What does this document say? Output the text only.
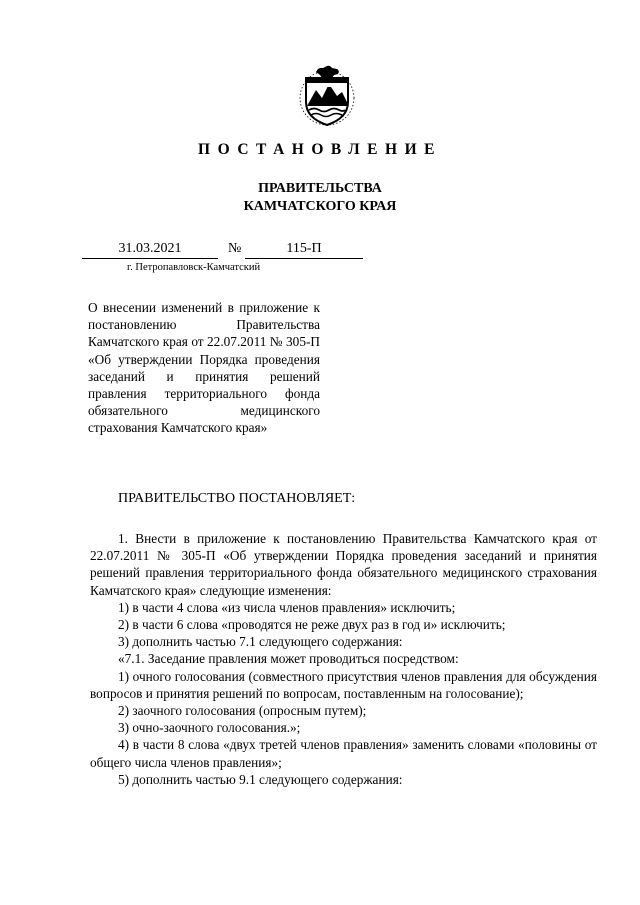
ПОСТАНОВЛЕНИЕ
ПРАВИТЕЛЬСТВА
КАМЧАТСКОГО КРАЯ
31.03.2021	№	115-П
г. Петропавловск-Камчатский
О внесении изменений в приложение к постановлению Правительства Камчатского края от 22.07.2011 № 305-П «Об утверждении Порядка проведения заседаний и принятия решений правления территориального фонда обязательного медицинского страхования Камчатского края»
ПРАВИТЕЛЬСТВО ПОСТАНОВЛЯЕТ:

1. Внести в приложение к постановлению Правительства Камчатского края от 22.07.2011 № 305-П «Об утверждении Порядка проведения заседаний и принятия решений правления территориального фонда обязательного медицинского страхования Камчатского края» следующие изменения:

1) в части 4 слова «из числа членов правления» исключить;

2) в части 6 слова «проводятся не реже двух раз в год и» исключить;

3) дополнить частью 7.1 следующего содержания:

«7.1. Заседание правления может проводиться посредством:

1) очного голосования (совместного присутствия членов правления для обсуждения вопросов и принятия решений по вопросам, поставленным на голосование);

2) заочного голосования (опросным путем);

3) очно-заочного голосования.»;

4) в части 8 слова «двух третей членов правления» заменить словами «половины от общего числа членов правления»;

5) дополнить частью 9.1 следующего содержания:
